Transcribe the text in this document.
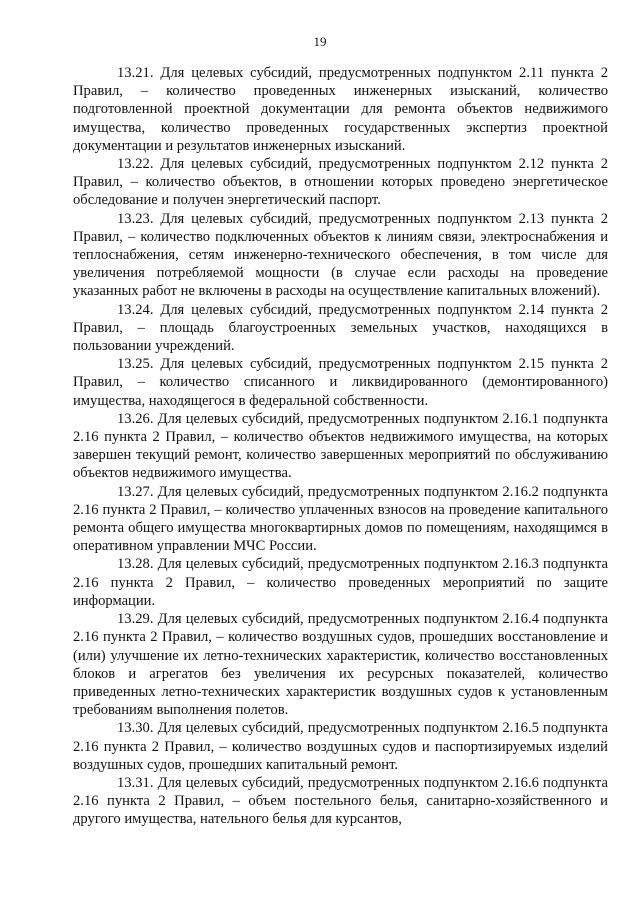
19

13.21. Для целевых субсидий, предусмотренных подпунктом 2.11 пункта 2 Правил, – количество проведенных инженерных изысканий, количество подготовленной проектной документации для ремонта объектов недвижимого имущества, количество проведенных государственных экспертиз проектной документации и результатов инженерных изысканий.

13.22. Для целевых субсидий, предусмотренных подпунктом 2.12 пункта 2 Правил, – количество объектов, в отношении которых проведено энергетическое обследование и получен энергетический паспорт.

13.23. Для целевых субсидий, предусмотренных подпунктом 2.13 пункта 2 Правил, – количество подключенных объектов к линиям связи, электроснабжения и теплоснабжения, сетям инженерно-технического обеспечения, в том числе для увеличения потребляемой мощности (в случае если расходы на проведение указанных работ не включены в расходы на осуществление капитальных вложений).

13.24. Для целевых субсидий, предусмотренных подпунктом 2.14 пункта 2 Правил, – площадь благоустроенных земельных участков, находящихся в пользовании учреждений.

13.25. Для целевых субсидий, предусмотренных подпунктом 2.15 пункта 2 Правил, – количество списанного и ликвидированного (демонтированного) имущества, находящегося в федеральной собственности.

13.26. Для целевых субсидий, предусмотренных подпунктом 2.16.1 подпункта 2.16 пункта 2 Правил, – количество объектов недвижимого имущества, на которых завершен текущий ремонт, количество завершенных мероприятий по обслуживанию объектов недвижимого имущества.

13.27. Для целевых субсидий, предусмотренных подпунктом 2.16.2 подпункта 2.16 пункта 2 Правил, – количество уплаченных взносов на проведение капитального ремонта общего имущества многоквартирных домов по помещениям, находящимся в оперативном управлении МЧС России.

13.28. Для целевых субсидий, предусмотренных подпунктом 2.16.3 подпункта 2.16 пункта 2 Правил, – количество проведенных мероприятий по защите информации.

13.29. Для целевых субсидий, предусмотренных подпунктом 2.16.4 подпункта 2.16 пункта 2 Правил, – количество воздушных судов, прошедших восстановление и (или) улучшение их летно-технических характеристик, количество восстановленных блоков и агрегатов без увеличения их ресурсных показателей, количество приведенных летно-технических характеристик воздушных судов к установленным требованиям выполнения полетов.

13.30. Для целевых субсидий, предусмотренных подпунктом 2.16.5 подпункта 2.16 пункта 2 Правил, – количество воздушных судов и паспортизируемых изделий воздушных судов, прошедших капитальный ремонт.

13.31. Для целевых субсидий, предусмотренных подпунктом 2.16.6 подпункта 2.16 пункта 2 Правил, – объем постельного белья, санитарно-хозяйственного и другого имущества, нательного белья для курсантов,
